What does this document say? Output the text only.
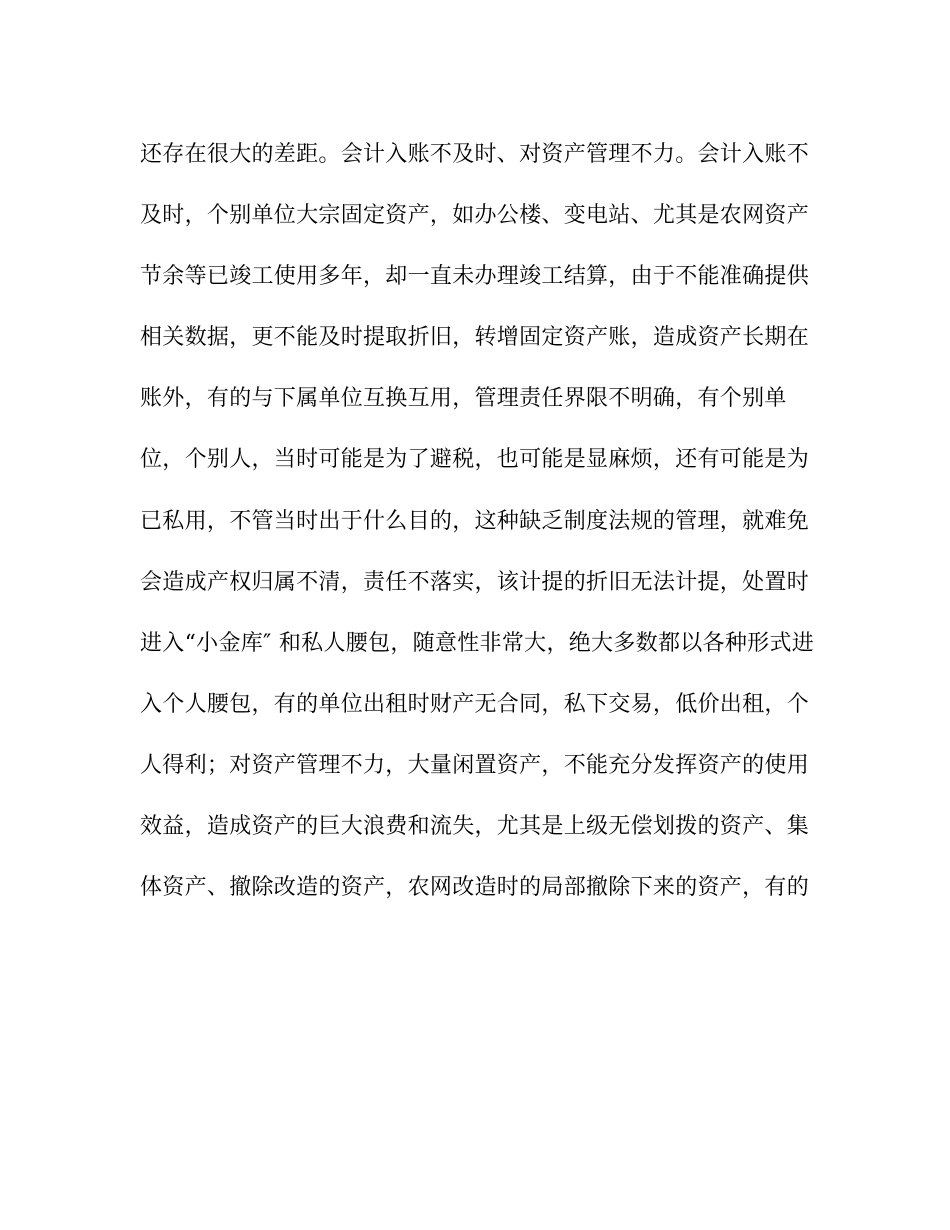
还存在很大的差距。会计入账不及时、对资产管理不力。会计入账不
及时，个别单位大宗固定资产，如办公楼、变电站、尤其是农网资产
节余等已竣工使用多年，却一直未办理竣工结算，由于不能准确提供
相关数据，更不能及时提取折旧，转增固定资产账，造成资产长期在
账外，有的与下属单位互换互用，管理责任界限不明确，有个别单
位，个别人，当时可能是为了避税，也可能是显麻烦，还有可能是为
已私用，不管当时出于什么目的，这种缺乏制度法规的管理，就难免
会造成产权归属不清，责任不落实，该计提的折旧无法计提，处置时
进入“小金库″ 和私人腰包，随意性非常大，绝大多数都以各种形式进
入个人腰包，有的单位出租时财产无合同，私下交易，低价出租，个
人得利；对资产管理不力，大量闲置资产，不能充分发挥资产的使用
效益，造成资产的巨大浪费和流失，尤其是上级无偿划拨的资产、集
体资产、撤除改造的资产，农网改造时的局部撤除下来的资产，有的
